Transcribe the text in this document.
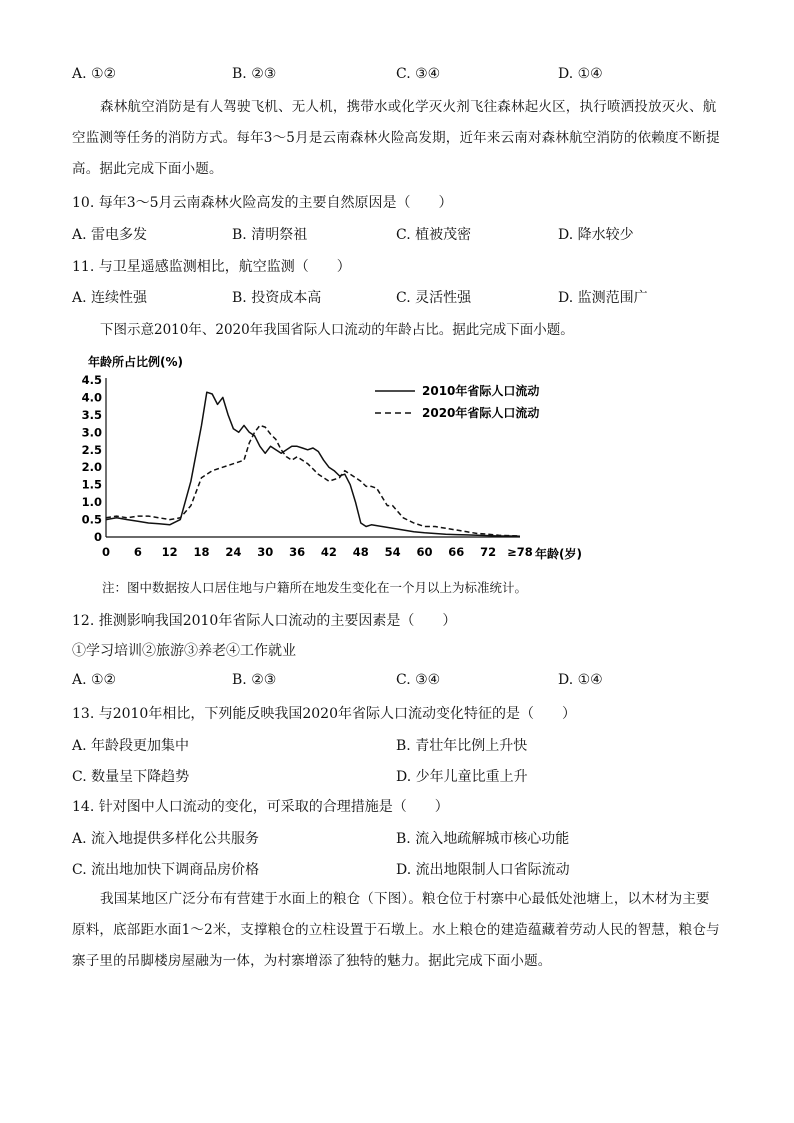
A. ①②	B. ②③	C. ③④	D. ①④
森林航空消防是有人驾驶飞机、无人机，携带水或化学灭火剂飞往森林起火区，执行喷洒投放灭火、航空监测等任务的消防方式。每年3～5月是云南森林火险高发期，近年来云南对森林航空消防的依赖度不断提高。据此完成下面小题。
10. 每年3～5月云南森林火险高发的主要自然原因是（　　）
A. 雷电多发	B. 清明祭祖	C. 植被茂密	D. 降水较少
11. 与卫星遥感监测相比，航空监测（　　）
A. 连续性强	B. 投资成本高	C. 灵活性强	D. 监测范围广
下图示意2010年、2020年我国省际人口流动的年龄占比。据此完成下面小题。
年龄所占比例(%)
0
0.5
1.0
1.5
2.0
2.5
3.0
3.5
4.0
4.5
0 6 12 18 24 30 36 42 48 54 60 66 72 ≥78 年龄(岁)
2010年省际人口流动
2020年省际人口流动
注：图中数据按人口居住地与户籍所在地发生变化在一个月以上为标准统计。
12. 推测影响我国2010年省际人口流动的主要因素是（　　）
①学习培训②旅游③养老④工作就业
A. ①②	B. ②③	C. ③④	D. ①④
13. 与2010年相比，下列能反映我国2020年省际人口流动变化特征的是（　　）
A. 年龄段更加集中	B. 青壮年比例上升快
C. 数量呈下降趋势	D. 少年儿童比重上升
14. 针对图中人口流动的变化，可采取的合理措施是（　　）
A. 流入地提供多样化公共服务	B. 流入地疏解城市核心功能
C. 流出地加快下调商品房价格	D. 流出地限制人口省际流动
我国某地区广泛分布有营建于水面上的粮仓（下图）。粮仓位于村寨中心最低处池塘上，以木材为主要原料，底部距水面1～2米，支撑粮仓的立柱设置于石墩上。水上粮仓的建造蕴藏着劳动人民的智慧，粮仓与寨子里的吊脚楼房屋融为一体，为村寨增添了独特的魅力。据此完成下面小题。
